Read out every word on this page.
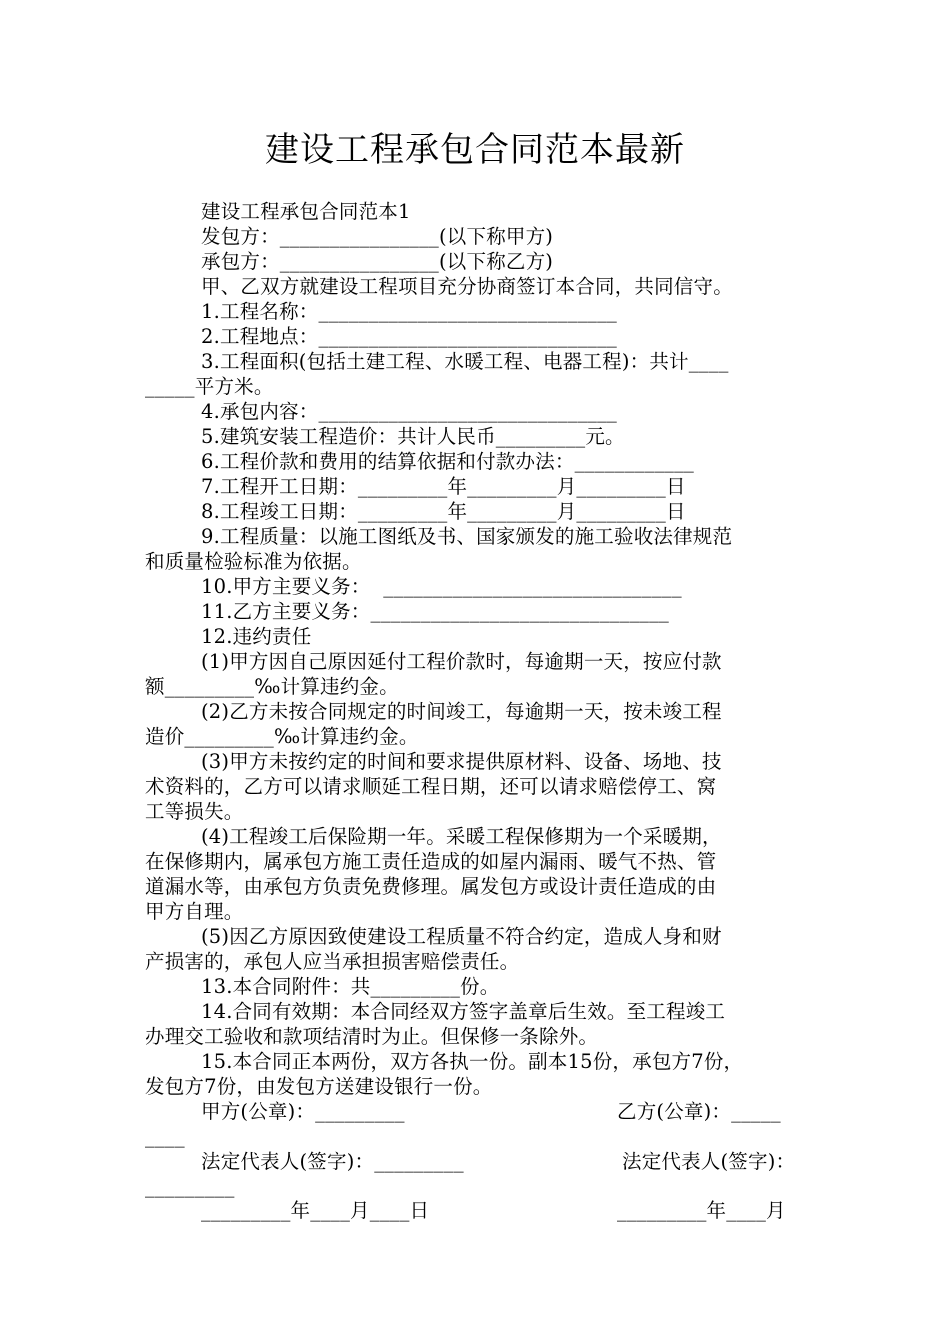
建设工程承包合同范本最新
建设工程承包合同范本1
发包方：________________(以下称甲方)
承包方：________________(以下称乙方)
甲、乙双方就建设工程项目充分协商签订本合同，共同信守。
1.工程名称：______________________________
2.工程地点：______________________________
3.工程面积(包括土建工程、水暖工程、电器工程)：共计____
_____平方米。
4.承包内容：______________________________
5.建筑安装工程造价：共计人民币_________元。
6.工程价款和费用的结算依据和付款办法：____________
7.工程开工日期：_________年_________月_________日
8.工程竣工日期：_________年_________月_________日
9.工程质量：以施工图纸及书、国家颁发的施工验收法律规范
和质量检验标准为依据。
10.甲方主要义务：  ______________________________
11.乙方主要义务：______________________________
12.违约责任
(1)甲方因自己原因延付工程价款时，每逾期一天，按应付款
额_________‰计算违约金。
(2)乙方未按合同规定的时间竣工，每逾期一天，按未竣工程
造价_________‰计算违约金。
(3)甲方未按约定的时间和要求提供原材料、设备、场地、技
术资料的，乙方可以请求顺延工程日期，还可以请求赔偿停工、窝
工等损失。
(4)工程竣工后保险期一年。采暖工程保修期为一个采暖期，
在保修期内，属承包方施工责任造成的如屋内漏雨、暖气不热、管
道漏水等，由承包方负责免费修理。属发包方或设计责任造成的由
甲方自理。
(5)因乙方原因致使建设工程质量不符合约定，造成人身和财
产损害的，承包人应当承担损害赔偿责任。
13.本合同附件：共_________份。
14.合同有效期：本合同经双方签字盖章后生效。至工程竣工
办理交工验收和款项结清时为止。但保修一条除外。
15.本合同正本两份，双方各执一份。副本15份，承包方7份，
发包方7份，由发包方送建设银行一份。
甲方(公章)：_________	乙方(公章)：_____
____
法定代表人(签字)：_________	法定代表人(签字)：
_________
_________年____月____日	_________年____月
